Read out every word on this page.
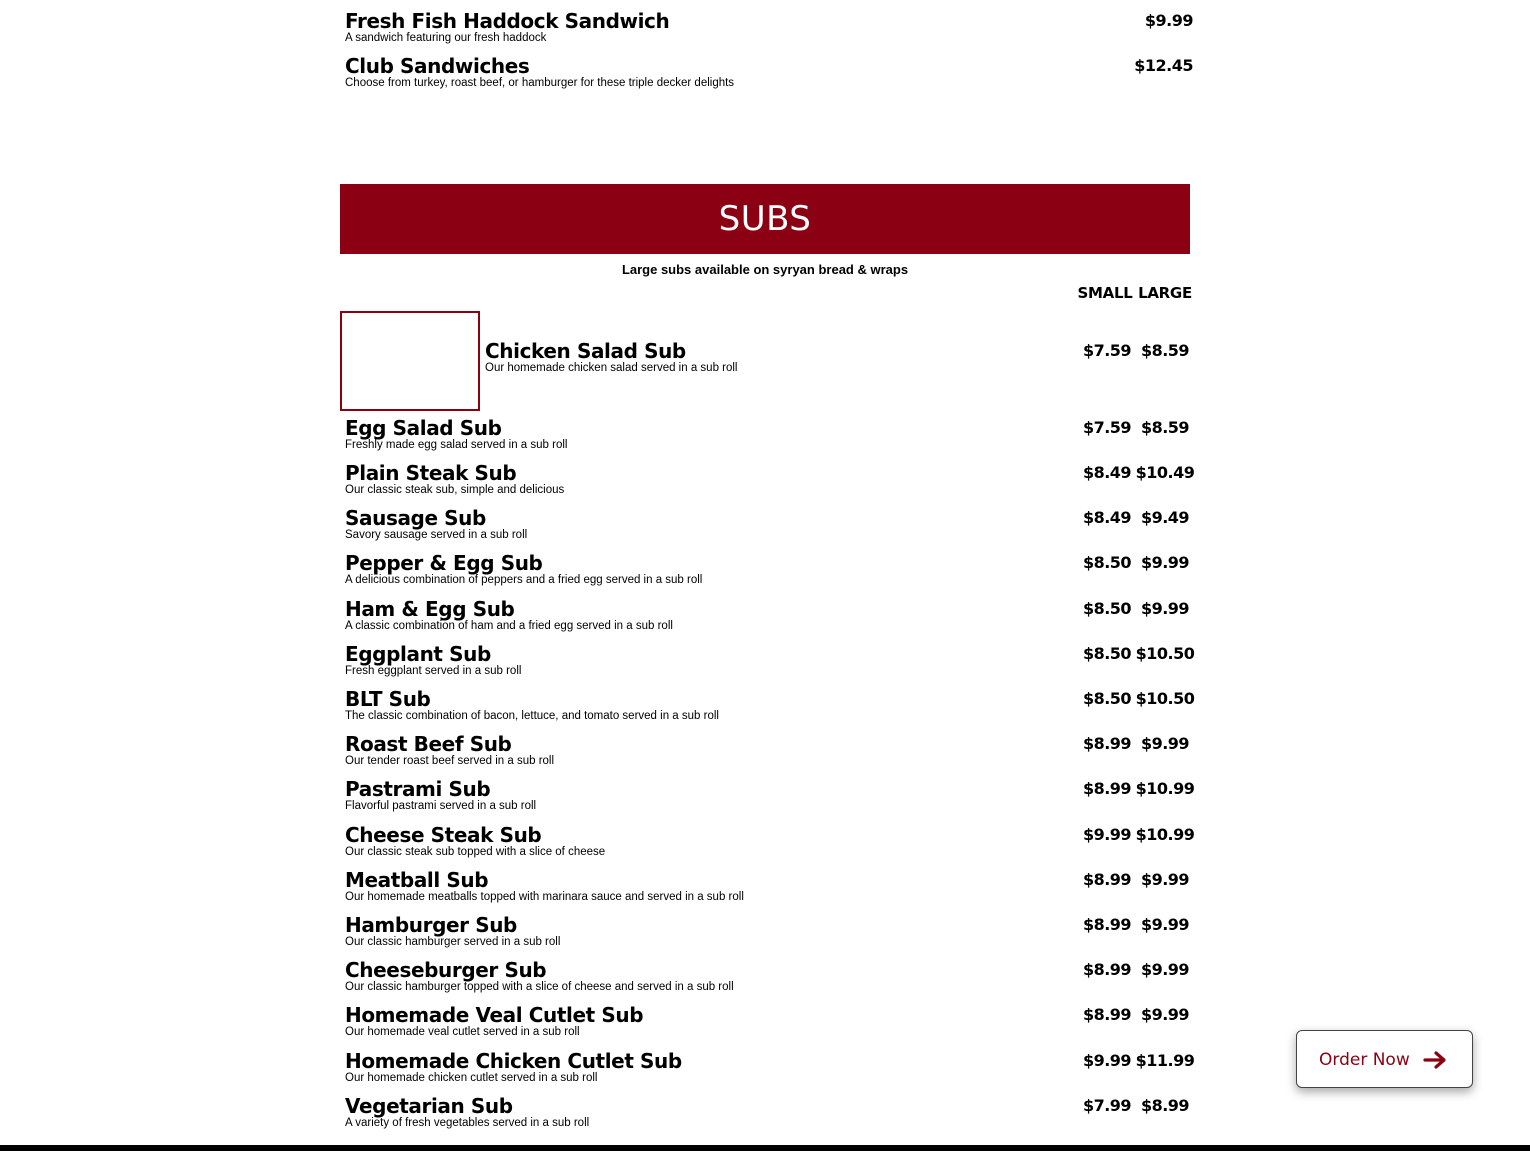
Fresh Fish Haddock Sandwich
A sandwich featuring our fresh haddock
$9.99
Club Sandwiches
Choose from turkey, roast beef, or hamburger for these triple decker delights
$12.45
SUBS
Large subs available on syryan bread & wraps
SMALL LARGE
Chicken Salad Sub
Our homemade chicken salad served in a sub roll
$7.59 $8.59
Egg Salad Sub
Freshly made egg salad served in a sub roll
$7.59 $8.59
Plain Steak Sub
Our classic steak sub, simple and delicious
$8.49 $10.49
Sausage Sub
Savory sausage served in a sub roll
$8.49 $9.49
Pepper & Egg Sub
A delicious combination of peppers and a fried egg served in a sub roll
$8.50 $9.99
Ham & Egg Sub
A classic combination of ham and a fried egg served in a sub roll
$8.50 $9.99
Eggplant Sub
Fresh eggplant served in a sub roll
$8.50 $10.50
BLT Sub
The classic combination of bacon, lettuce, and tomato served in a sub roll
$8.50 $10.50
Roast Beef Sub
Our tender roast beef served in a sub roll
$8.99 $9.99
Pastrami Sub
Flavorful pastrami served in a sub roll
$8.99 $10.99
Cheese Steak Sub
Our classic steak sub topped with a slice of cheese
$9.99 $10.99
Meatball Sub
Our homemade meatballs topped with marinara sauce and served in a sub roll
$8.99 $9.99
Hamburger Sub
Our classic hamburger served in a sub roll
$8.99 $9.99
Cheeseburger Sub
Our classic hamburger topped with a slice of cheese and served in a sub roll
$8.99 $9.99
Homemade Veal Cutlet Sub
Our homemade veal cutlet served in a sub roll
$8.99 $9.99
Homemade Chicken Cutlet Sub
Our homemade chicken cutlet served in a sub roll
$9.99 $11.99
Vegetarian Sub
A variety of fresh vegetables served in a sub roll
$7.99 $8.99
Order Now
